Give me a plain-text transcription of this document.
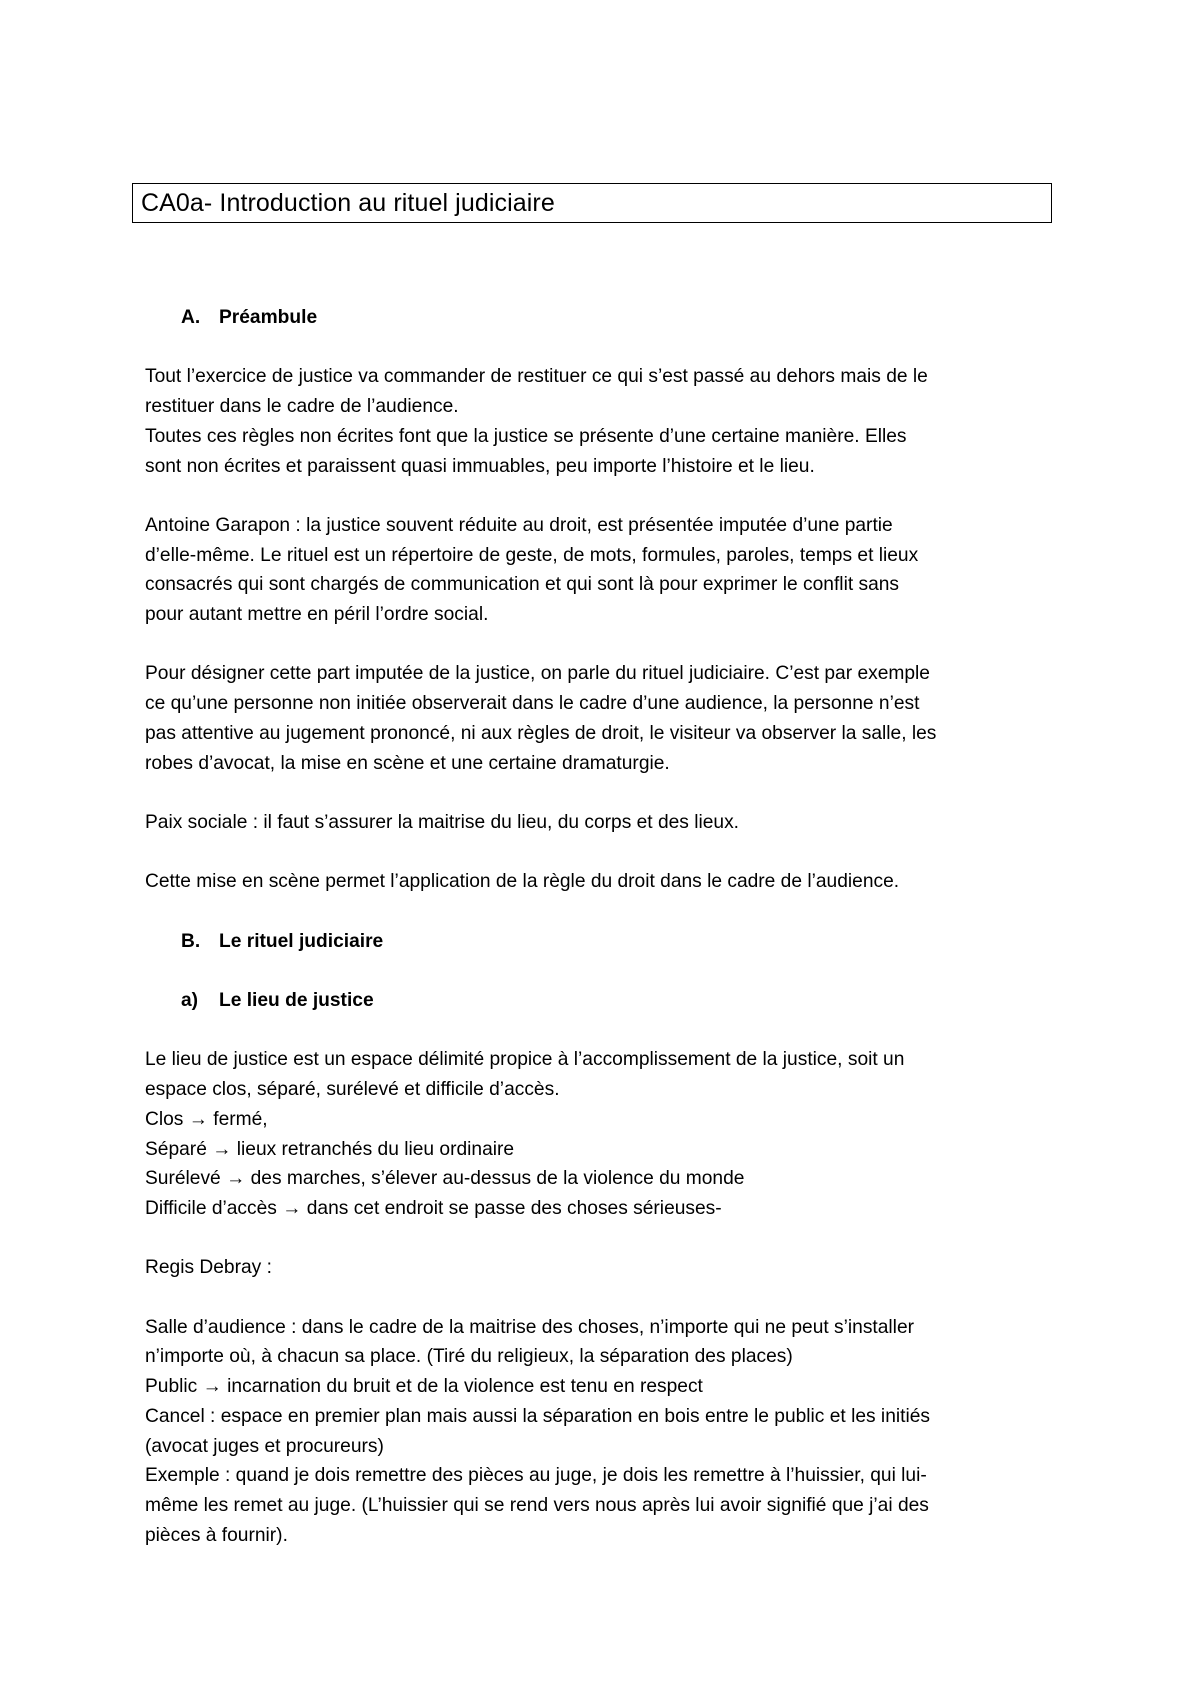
CA0a- Introduction au rituel judiciaire

A. Préambule

Tout l’exercice de justice va commander de restituer ce qui s’est passé au dehors mais de le

restituer dans le cadre de l’audience.

Toutes ces règles non écrites font que la justice se présente d’une certaine manière. Elles

sont non écrites et paraissent quasi immuables, peu importe l’histoire et le lieu.

Antoine Garapon : la justice souvent réduite au droit, est présentée imputée d’une partie

d’elle-même. Le rituel est un répertoire de geste, de mots, formules, paroles, temps et lieux

consacrés qui sont chargés de communication et qui sont là pour exprimer le conflit sans

pour autant mettre en péril l’ordre social.

Pour désigner cette part imputée de la justice, on parle du rituel judiciaire. C’est par exemple

ce qu’une personne non initiée observerait dans le cadre d’une audience, la personne n’est

pas attentive au jugement prononcé, ni aux règles de droit, le visiteur va observer la salle, les

robes d’avocat, la mise en scène et une certaine dramaturgie.

Paix sociale : il faut s’assurer la maitrise du lieu, du corps et des lieux.

Cette mise en scène permet l’application de la règle du droit dans le cadre de l’audience.

B. Le rituel judiciaire

a)	Le lieu de justice

Le lieu de justice est un espace délimité propice à l’accomplissement de la justice, soit un

espace clos, séparé, surélevé et difficile d’accès.

Clos → fermé,

Séparé → lieux retranchés du lieu ordinaire

Surélevé → des marches, s’élever au-dessus de la violence du monde

Difficile d’accès → dans cet endroit se passe des choses sérieuses-

Regis Debray :

Salle d’audience : dans le cadre de la maitrise des choses, n’importe qui ne peut s’installer

n’importe où, à chacun sa place. (Tiré du religieux, la séparation des places)

Public → incarnation du bruit et de la violence est tenu en respect

Cancel : espace en premier plan mais aussi la séparation en bois entre le public et les initiés

(avocat juges et procureurs)

Exemple : quand je dois remettre des pièces au juge, je dois les remettre à l’huissier, qui lui-

même les remet au juge. (L’huissier qui se rend vers nous après lui avoir signifié que j’ai des

pièces à fournir).
